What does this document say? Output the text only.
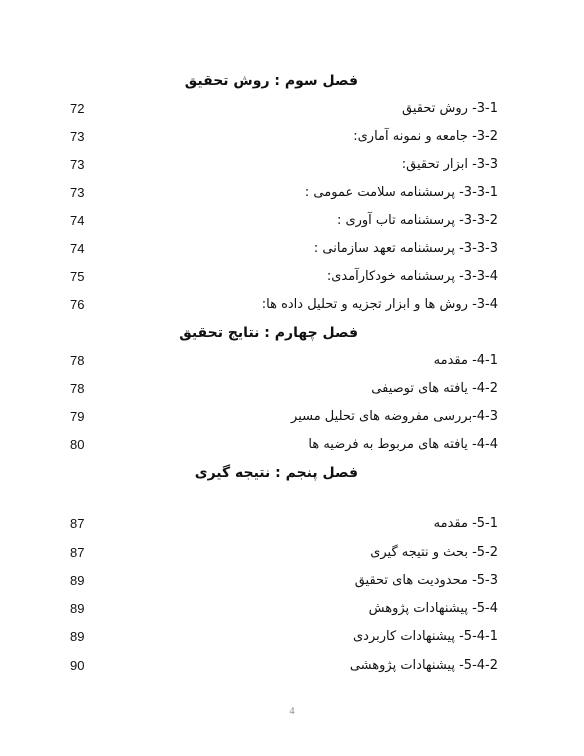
فصل سوم : روش تحقیق
3-1- روش تحقیق
72
3-2- جامعه و نمونه آماری:
73
3-3- ابزار تحقیق:
73
3-3-1- پرسشنامه سلامت عمومی :
73
3-3-2- پرسشنامه تاب آوری :
74
3-3-3- پرسشنامه تعهد سازمانی :
74
3-3-4- پرسشنامه خودکارآمدی:
75
3-4- روش ها و ابزار تجزیه و تحلیل داده ها:
76
فصل چهارم : نتایج تحقیق
4-1- مقدمه
78
4-2- یافته های توصیفی
78
4-3-بررسی مفروضه های تحلیل مسیر
79
4-4- یافته های مربوط به فرضیه ها
80
فصل پنجم : نتیجه گیری
5-1- مقدمه
87
5-2- بحث و نتیجه گیری
87
5-3- محدودیت های تحقیق
89
5-4- پیشنهادات پژوهش
89
5-4-1- پیشنهادات کاربردی
89
5-4-2- پیشنهادات پژوهشی
90
4
